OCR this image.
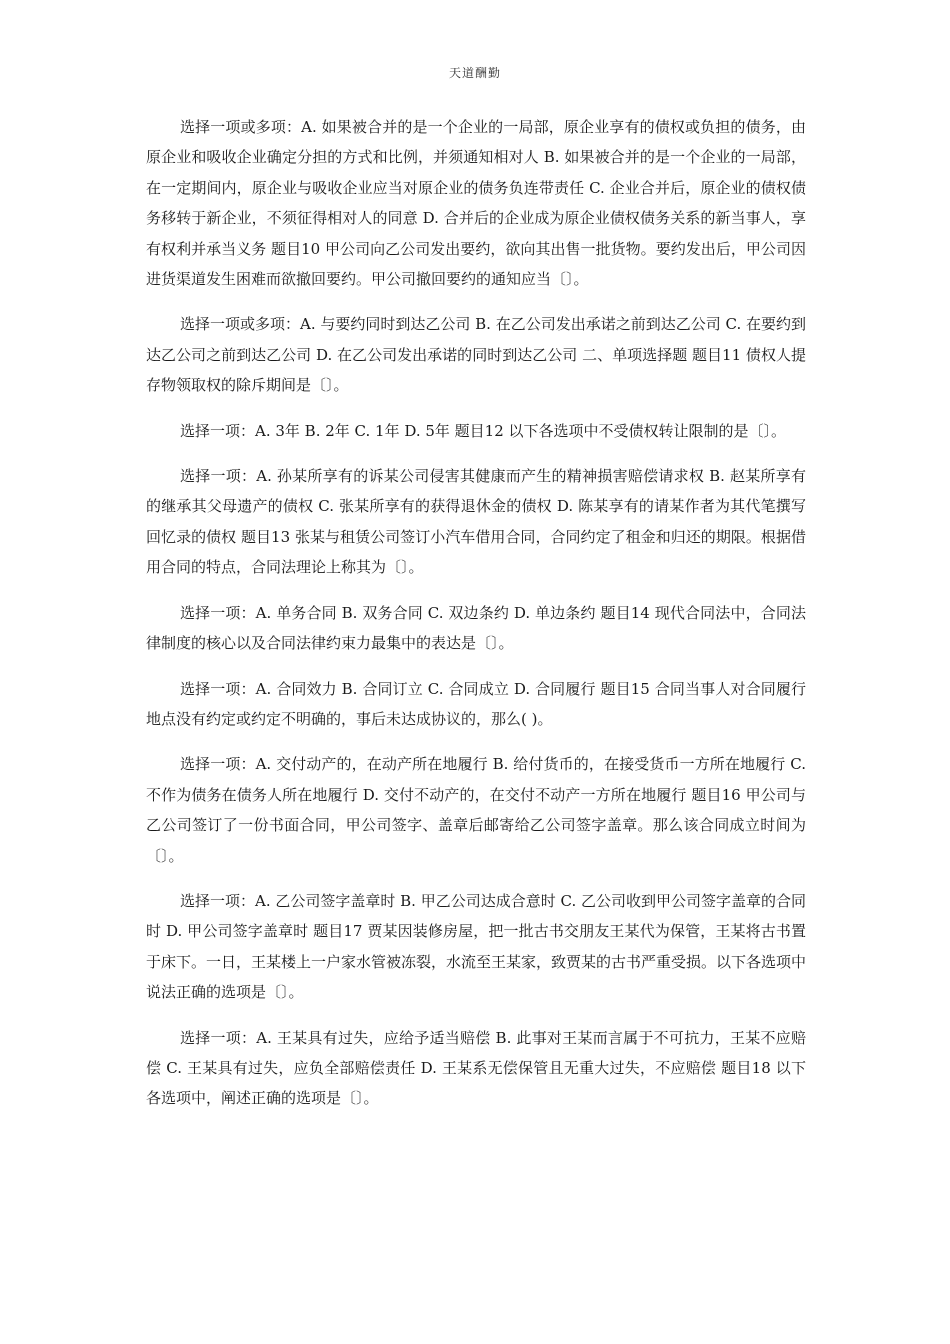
天道酬勤

选择一项或多项：A. 如果被合并的是一个企业的一局部，原企业享有的债权或负担的债务，由原企业和吸收企业确定分担的方式和比例，并须通知相对人 B. 如果被合并的是一个企业的一局部，在一定期间内，原企业与吸收企业应当对原企业的债务负连带责任 C. 企业合并后，原企业的债权债务移转于新企业，不须征得相对人的同意 D. 合并后的企业成为原企业债权债务关系的新当事人，享有权利并承当义务 题目10 甲公司向乙公司发出要约，欲向其出售一批货物。要约发出后，甲公司因进货渠道发生困难而欲撤回要约。甲公司撤回要约的通知应当〔〕。

选择一项或多项：A. 与要约同时到达乙公司 B. 在乙公司发出承诺之前到达乙公司 C. 在要约到达乙公司之前到达乙公司 D. 在乙公司发出承诺的同时到达乙公司 二、单项选择题 题目11 债权人提存物领取权的除斥期间是〔〕。

选择一项：A. 3年 B. 2年 C. 1年 D. 5年 题目12 以下各选项中不受债权转让限制的是〔〕。

选择一项：A. 孙某所享有的诉某公司侵害其健康而产生的精神损害赔偿请求权 B. 赵某所享有的继承其父母遗产的债权 C. 张某所享有的获得退休金的债权 D. 陈某享有的请某作者为其代笔撰写回忆录的债权 题目13 张某与租赁公司签订小汽车借用合同，合同约定了租金和归还的期限。根据借用合同的特点，合同法理论上称其为〔〕。

选择一项：A. 单务合同 B. 双务合同 C. 双边条约 D. 单边条约 题目14 现代合同法中，合同法律制度的核心以及合同法律约束力最集中的表达是〔〕。

选择一项：A. 合同效力 B. 合同订立 C. 合同成立 D. 合同履行 题目15 合同当事人对合同履行地点没有约定或约定不明确的，事后未达成协议的，那么( )。

选择一项：A. 交付动产的，在动产所在地履行 B. 给付货币的，在接受货币一方所在地履行 C. 不作为债务在债务人所在地履行 D. 交付不动产的，在交付不动产一方所在地履行 题目16 甲公司与乙公司签订了一份书面合同，甲公司签字、盖章后邮寄给乙公司签字盖章。那么该合同成立时间为〔〕。

选择一项：A. 乙公司签字盖章时 B. 甲乙公司达成合意时 C. 乙公司收到甲公司签字盖章的合同时 D. 甲公司签字盖章时 题目17 贾某因装修房屋，把一批古书交朋友王某代为保管，王某将古书置于床下。一日，王某楼上一户家水管被冻裂，水流至王某家，致贾某的古书严重受损。以下各选项中说法正确的选项是〔〕。

选择一项：A. 王某具有过失，应给予适当赔偿 B. 此事对王某而言属于不可抗力，王某不应赔偿 C. 王某具有过失，应负全部赔偿责任 D. 王某系无偿保管且无重大过失，不应赔偿 题目18 以下各选项中，阐述正确的选项是〔〕。
